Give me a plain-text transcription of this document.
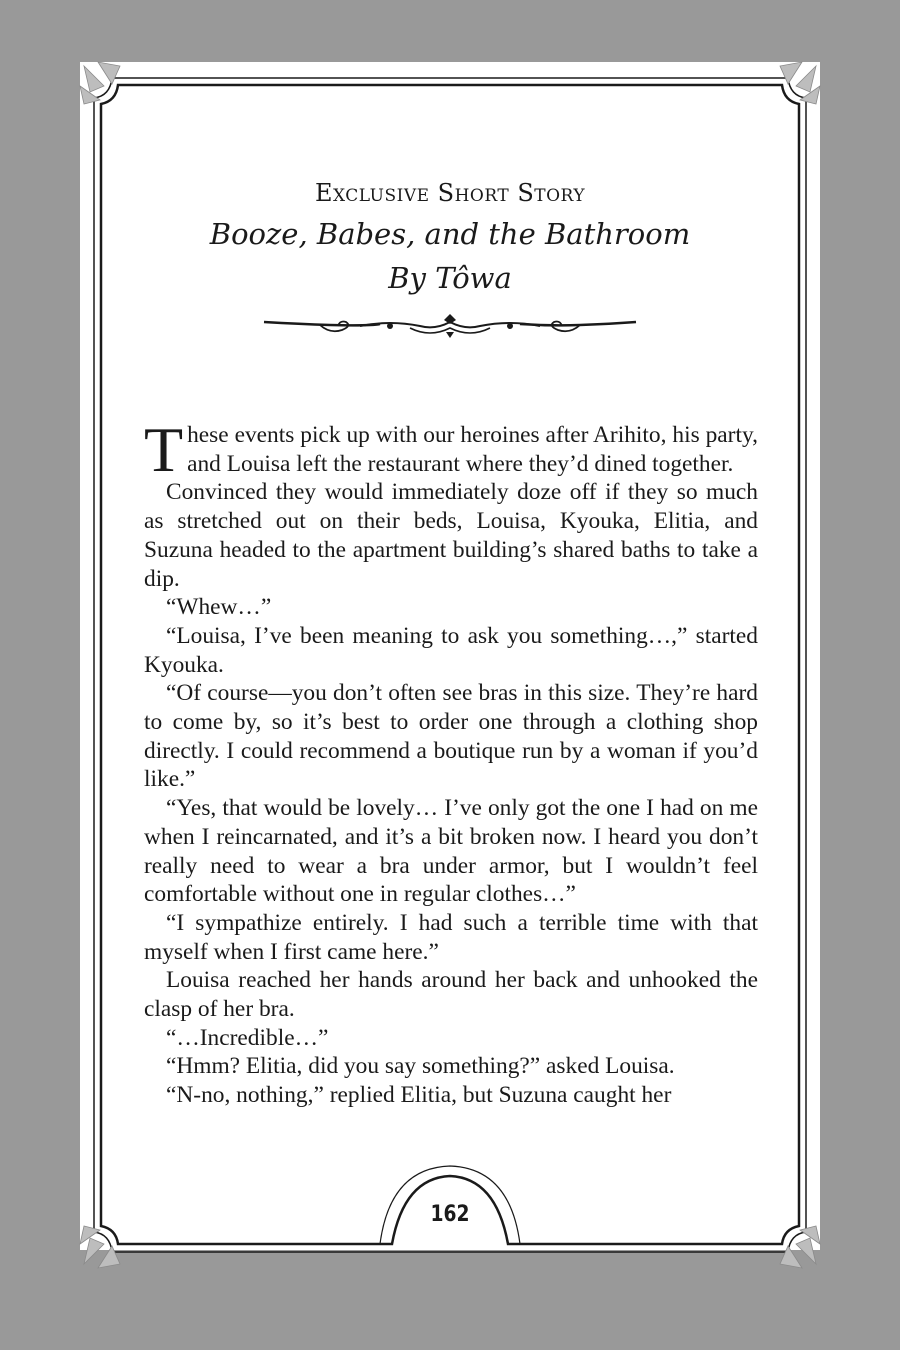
Exclusive Short Story
Booze, Babes, and the Bathroom
By Tôwa

These events pick up with our heroines after Arihito, his party, and Louisa left the restaurant where they’d dined together.

Convinced they would immediately doze off if they so much as stretched out on their beds, Louisa, Kyouka, Elitia, and Suzuna headed to the apartment building’s shared baths to take a dip.

“Whew…”

“Louisa, I’ve been meaning to ask you something…,” started Kyouka.

“Of course—you don’t often see bras in this size. They’re hard to come by, so it’s best to order one through a clothing shop directly. I could recommend a boutique run by a woman if you’d like.”

“Yes, that would be lovely… I’ve only got the one I had on me when I reincarnated, and it’s a bit broken now. I heard you don’t really need to wear a bra under armor, but I wouldn’t feel comfortable without one in regular clothes…”

“I sympathize entirely. I had such a terrible time with that myself when I first came here.”

Louisa reached her hands around her back and unhooked the clasp of her bra.

“…Incredible…”

“Hmm? Elitia, did you say something?” asked Louisa.

“N-no, nothing,” replied Elitia, but Suzuna caught her

162
